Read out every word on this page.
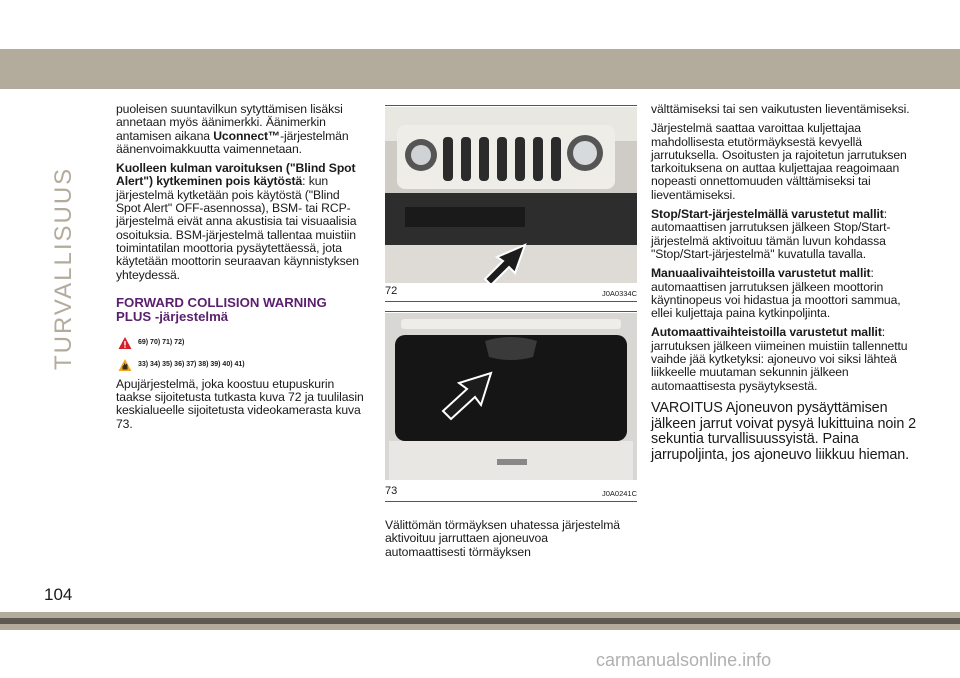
TURVALLISUUS

puoleisen suuntavilkun sytyttämisen lisäksi annetaan myös äänimerkki. Äänimerkin antamisen aikana Uconnect™-järjestelmän äänenvoimakkuutta vaimennetaan.

Kuolleen kulman varoituksen ("Blind Spot Alert") kytkeminen pois käytöstä: kun järjestelmä kytketään pois käytöstä ("Blind Spot Alert" OFF-asennossa), BSM- tai RCP-järjestelmä eivät anna akustisia tai visuaalisia osoituksia. BSM-järjestelmä tallentaa muistiin toimintatilan moottoria pysäytettäessä, jota käytetään moottorin seuraavan käynnistyksen yhteydessä.

FORWARD COLLISION WARNING
PLUS -järjestelmä
69) 70) 71) 72)
33) 34) 35) 36) 37) 38) 39) 40) 41)

Apujärjestelmä, joka koostuu etupuskurin taakse sijoitetusta tutkasta kuva 72 ja tuulilasin keskialueelle sijoitetusta videokamerasta kuva 73.

72	J0A0334C
73	J0A0241C

Välittömän törmäyksen uhatessa järjestelmä aktivoituu jarruttaen ajoneuvoa automaattisesti törmäyksen

välttämiseksi tai sen vaikutusten lieventämiseksi.

Järjestelmä saattaa varoittaa kuljettajaa mahdollisesta etutörmäyksestä kevyellä jarrutuksella. Osoitusten ja rajoitetun jarrutuksen tarkoituksena on auttaa kuljettajaa reagoimaan nopeasti onnettomuuden välttämiseksi tai lieventämiseksi.

Stop/Start-järjestelmällä varustetut mallit: automaattisen jarrutuksen jälkeen Stop/Start-järjestelmä aktivoituu tämän luvun kohdassa "Stop/Start-järjestelmä" kuvatulla tavalla.

Manuaalivaihteistoilla varustetut mallit: automaattisen jarrutuksen jälkeen moottorin käyntinopeus voi hidastua ja moottori sammua, ellei kuljettaja paina kytkinpoljinta.

Automaattivaihteistoilla varustetut mallit: jarrutuksen jälkeen viimeinen muistiin tallennettu vaihde jää kytketyksi: ajoneuvo voi siksi lähteä liikkeelle muutaman sekunnin jälkeen automaattisesta pysäytyksestä.

VAROITUS Ajoneuvon pysäyttämisen jälkeen jarrut voivat pysyä lukittuina noin 2 sekuntia turvallisuussyistä. Paina jarrupoljinta, jos ajoneuvo liikkuu hieman.
104
carmanualsonline.info
